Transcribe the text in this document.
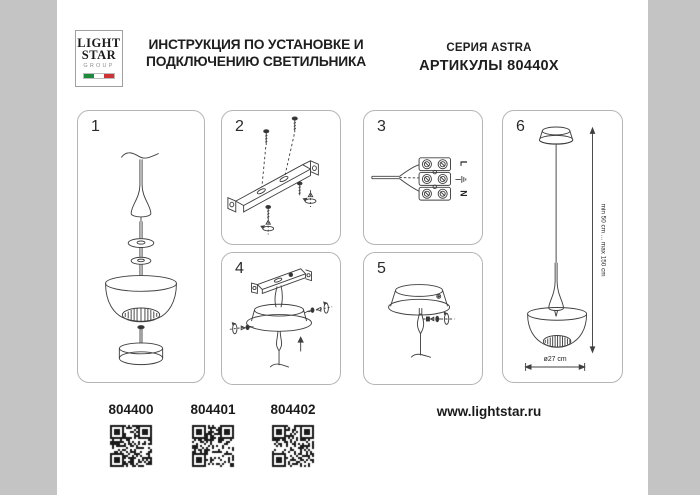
LIGHT
STAR
GROUP
ИНСТРУКЦИЯ ПО УСТАНОВКЕ И
ПОДКЛЮЧЕНИЮ СВЕТИЛЬНИКА
СЕРИЯ ASTRA
АРТИКУЛЫ 80440X
1	2	3
L
N
4	5
6
min 50 cm ... max 150 cm
ø27 cm
804400	804401	804402	www.lightstar.ru
